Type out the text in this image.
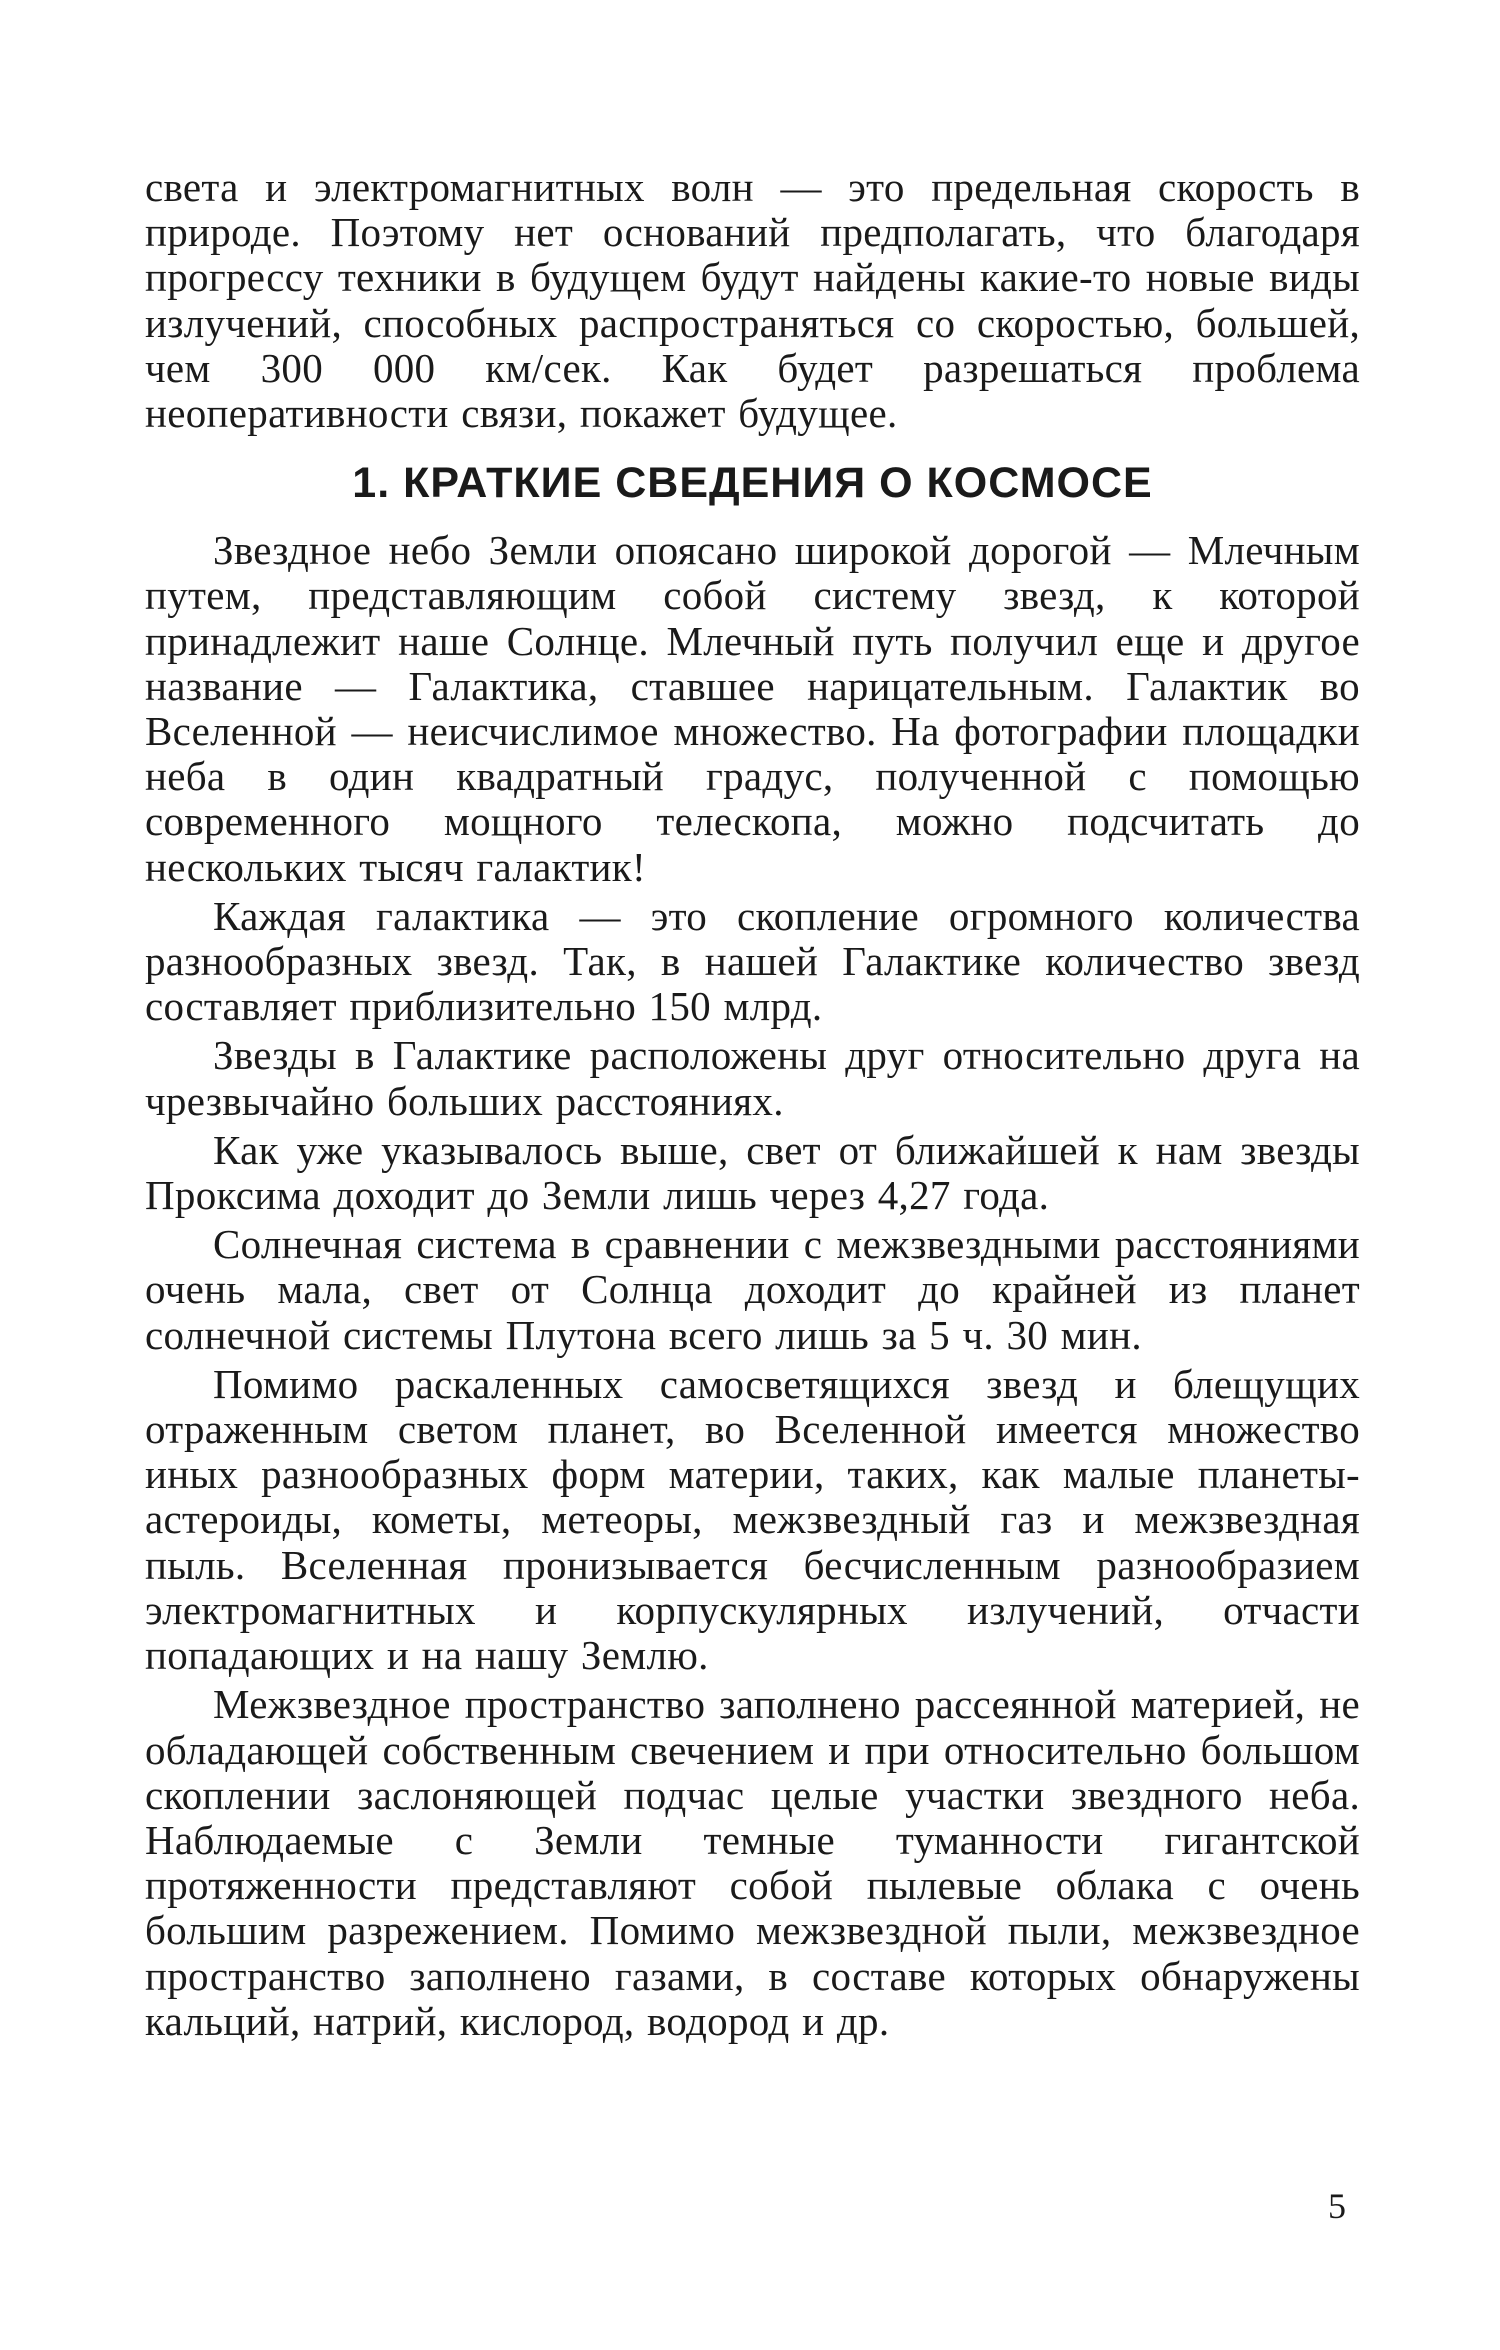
света и электромагнитных волн — это предельная скорость в природе. Поэтому нет оснований предполагать, что благодаря прогрессу техники в будущем будут найдены какие-то новые виды излучений, способных распространяться со скоростью, большей, чем 300 000 км/сек. Как будет разрешаться проблема неоперативности связи, покажет будущее.

1. КРАТКИЕ СВЕДЕНИЯ О КОСМОСЕ

Звездное небо Земли опоясано широкой дорогой — Млечным путем, представляющим собой систему звезд, к которой принадлежит наше Солнце. Млечный путь получил еще и другое название — Галактика, ставшее нарицательным. Галактик во Вселенной — неисчислимое множество. На фотографии площадки неба в один квадратный градус, полученной с помощью современного мощного телескопа, можно подсчитать до нескольких тысяч галактик!

Каждая галактика — это скопление огромного количества разнообразных звезд. Так, в нашей Галактике количество звезд составляет приблизительно 150 млрд.

Звезды в Галактике расположены друг относительно друга на чрезвычайно больших расстояниях.

Как уже указывалось выше, свет от ближайшей к нам звезды Проксима доходит до Земли лишь через 4,27 года.

Солнечная система в сравнении с межзвездными расстояниями очень мала, свет от Солнца доходит до крайней из планет солнечной системы Плутона всего лишь за 5 ч. 30 мин.

Помимо раскаленных самосветящихся звезд и блещущих отраженным светом планет, во Вселенной имеется множество иных разнообразных форм материи, таких, как малые планеты-астероиды, кометы, метеоры, межзвездный газ и межзвездная пыль. Вселенная пронизывается бесчисленным разнообразием электромагнитных и корпускулярных излучений, отчасти попадающих и на нашу Землю.

Межзвездное пространство заполнено рассеянной материей, не обладающей собственным свечением и при относительно большом скоплении заслоняющей подчас целые участки звездного неба. Наблюдаемые с Земли темные туманности гигантской протяженности представляют собой пылевые облака с очень большим разрежением. Помимо межзвездной пыли, межзвездное пространство заполнено газами, в составе которых обнаружены кальций, натрий, кислород, водород и др.

5
